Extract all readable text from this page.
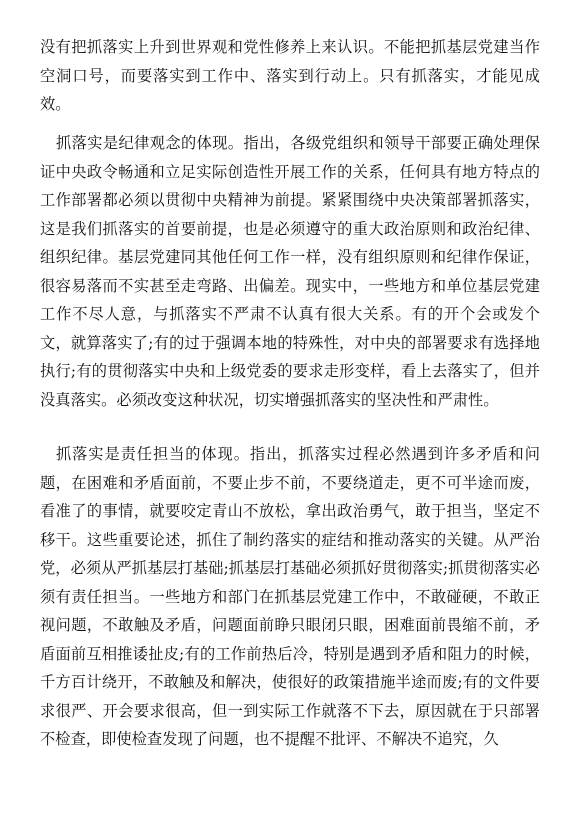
没有把抓落实上升到世界观和党性修养上来认识。不能把抓基层党建当作空洞口号，而要落实到工作中、落实到行动上。只有抓落实，才能见成效。

抓落实是纪律观念的体现。指出，各级党组织和领导干部要正确处理保证中央政令畅通和立足实际创造性开展工作的关系，任何具有地方特点的工作部署都必须以贯彻中央精神为前提。紧紧围绕中央决策部署抓落实，这是我们抓落实的首要前提，也是必须遵守的重大政治原则和政治纪律、组织纪律。基层党建同其他任何工作一样，没有组织原则和纪律作保证，很容易落而不实甚至走弯路、出偏差。现实中，一些地方和单位基层党建工作不尽人意，与抓落实不严肃不认真有很大关系。有的开个会或发个文，就算落实了;有的过于强调本地的特殊性，对中央的部署要求有选择地执行;有的贯彻落实中央和上级党委的要求走形变样，看上去落实了，但并没真落实。必须改变这种状况，切实增强抓落实的坚决性和严肃性。

抓落实是责任担当的体现。指出，抓落实过程必然遇到许多矛盾和问题，在困难和矛盾面前，不要止步不前，不要绕道走，更不可半途而废，看准了的事情，就要咬定青山不放松，拿出政治勇气，敢于担当，坚定不移干。这些重要论述，抓住了制约落实的症结和推动落实的关键。从严治党，必须从严抓基层打基础;抓基层打基础必须抓好贯彻落实;抓贯彻落实必须有责任担当。一些地方和部门在抓基层党建工作中，不敢碰硬，不敢正视问题，不敢触及矛盾，问题面前睁只眼闭只眼，困难面前畏缩不前，矛盾面前互相推诿扯皮;有的工作前热后冷，特别是遇到矛盾和阻力的时候，千方百计绕开，不敢触及和解决，使很好的政策措施半途而废;有的文件要求很严、开会要求很高，但一到实际工作就落不下去，原因就在于只部署不检查，即使检查发现了问题，也不提醒不批评、不解决不追究，久
